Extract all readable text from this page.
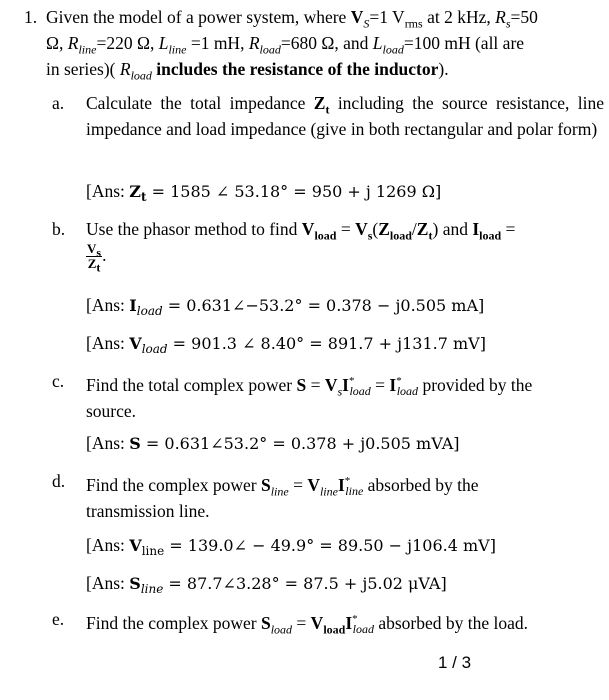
1. Given the model of a power system, where $V_S=1$ $V_{rms}$ at 2 kHz, $R_s=50$
Ω, $R_{line}=220$ Ω, $L_{line} =1$ mH, $R_{load}=680$ Ω, and $L_{load}=100$ mH (all are
in series)( $R_{load}$ includes the resistance of the inductor).
a. Calculate the total impedance $Z_t$ including the source resistance, line impedance and load impedance (give in both rectangular and polar form)
[Ans: $Z_t = 1585$ ∠ 53.18° = 950 + j 1269 Ω]
b. Use the phasor method to find $V_{load} = V_s(Z_{load}/Z_t)$ and $I_{load}$ =

$\frac{V_s}{Z_t}$ .
[Ans: $I_{load}$ = 0.631∠−53.2° = 0.378 − j0.505 mA]
[Ans: $V_{load} = 901.3$ ∠ 8.40° = 891.7 + j131.7 mV]
c. Find the total complex power $S = V_sI^*_{load} = I^*_{load}$ provided by the
source.
[Ans: S = 0.631∠53.2° = 0.378 + j0.505 mVA]
d. Find the complex power $S_{line} = V_{line}I^*_{line}$ absorbed by the
transmission line.
[Ans: $V_{line}$ = 139.0∠ − 49.9° = 89.50 − j106.4 mV]
[Ans: $S_{line}$ = 87.7∠3.28° = 87.5 + j5.02 μVA]
e. Find the complex power $S_{load} = V_{load}I^*_{load}$ absorbed by the load.
1 / 3
